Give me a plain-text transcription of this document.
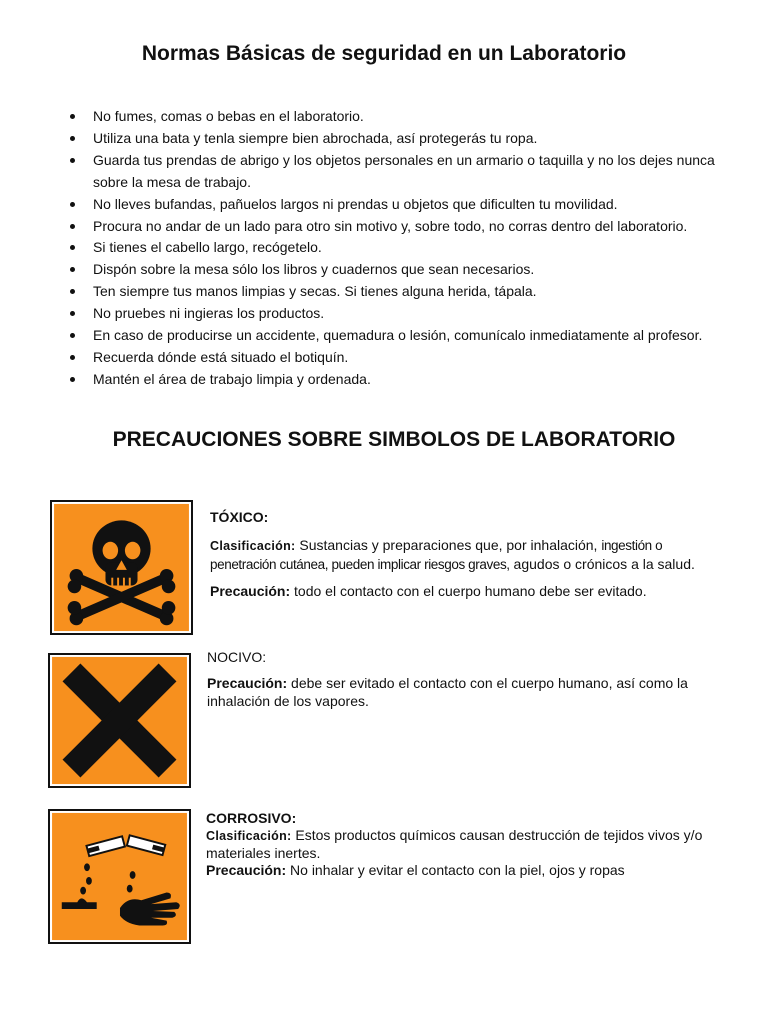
Normas Básicas de seguridad en un Laboratorio
No fumes, comas o bebas en el laboratorio.
Utiliza una bata y tenla siempre bien abrochada, así protegerás tu ropa.
Guarda tus prendas de abrigo y los objetos personales en un armario o taquilla y no los dejes nunca sobre la mesa de trabajo.
No lleves bufandas, pañuelos largos ni prendas u objetos que dificulten tu movilidad.
Procura no andar de un lado para otro sin motivo y, sobre todo, no corras dentro del laboratorio.
Si tienes el cabello largo, recógetelo.
Dispón sobre la mesa sólo los libros y cuadernos que sean necesarios.
Ten siempre tus manos limpias y secas. Si tienes alguna herida, tápala.
No pruebes ni ingieras los productos.
En caso de producirse un accidente, quemadura o lesión, comunícalo inmediatamente al profesor.
Recuerda dónde está situado el botiquín.
Mantén el área de trabajo limpia y ordenada.
PRECAUCIONES SOBRE SIMBOLOS DE LABORATORIO

TÓXICO:

Clasificación: Sustancias y preparaciones que, por inhalación, ingestión o

penetración cutánea, pueden implicar riesgos graves, agudos o crónicos a la salud.

Precaución: todo el contacto con el cuerpo humano debe ser evitado.

NOCIVO:

Precaución: debe ser evitado el contacto con el cuerpo humano, así como la inhalación de los vapores.

CORROSIVO:

Clasificación: Estos productos químicos causan destrucción de tejidos vivos y/o materiales inertes.

Precaución: No inhalar y evitar el contacto con la piel, ojos y ropas
